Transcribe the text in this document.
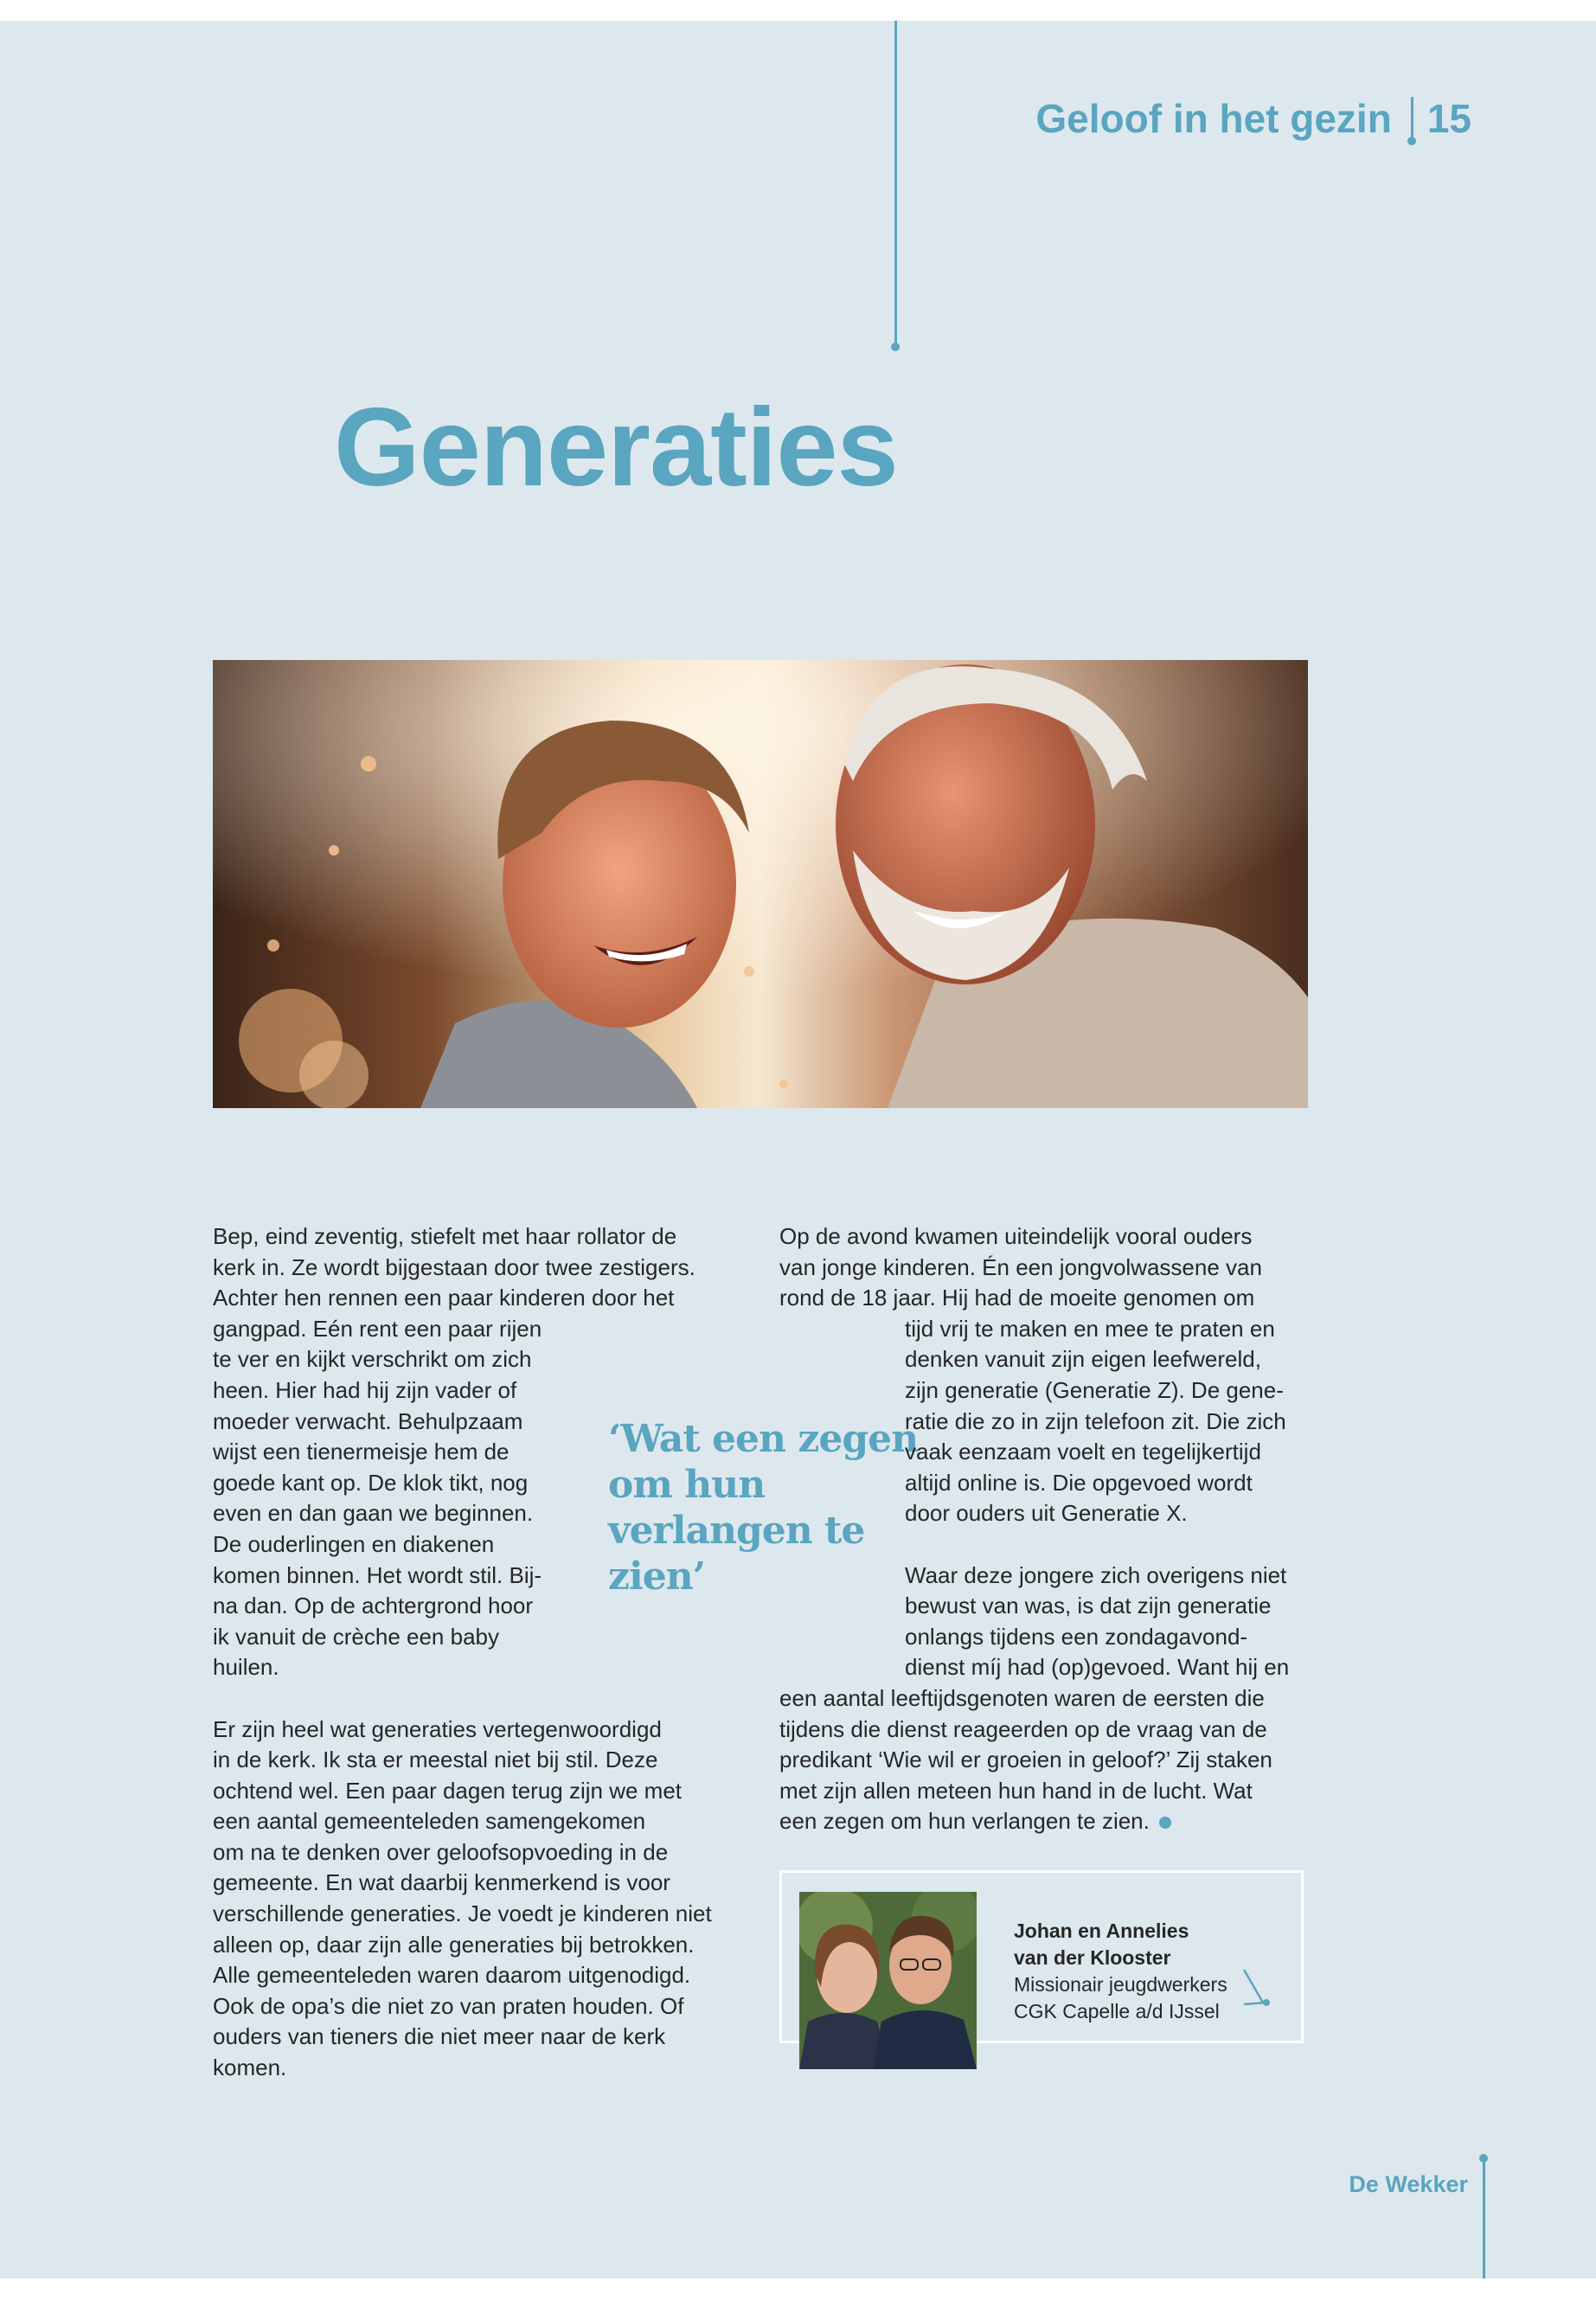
Geloof in het gezin 15
Generaties

Bep, eind zeventig, stiefelt met haar rollator de
kerk in. Ze wordt bijgestaan door twee zestigers.
Achter hen rennen een paar kinderen door het
gangpad. Eén rent een paar rijen
te ver en kijkt verschrikt om zich
heen. Hier had hij zijn vader of
moeder verwacht. Behulpzaam
wijst een tienermeisje hem de
goede kant op. De klok tikt, nog
even en dan gaan we beginnen.
De ouderlingen en diakenen
komen binnen. Het wordt stil. Bij-
na dan. Op de achtergrond hoor
ik vanuit de crèche een baby
huilen.

Er zijn heel wat generaties vertegenwoordigd
in de kerk. Ik sta er meestal niet bij stil. Deze
ochtend wel. Een paar dagen terug zijn we met
een aantal gemeenteleden samengekomen
om na te denken over geloofsopvoeding in de
gemeente. En wat daarbij kenmerkend is voor
verschillende generaties. Je voedt je kinderen niet
alleen op, daar zijn alle generaties bij betrokken.
Alle gemeenteleden waren daarom uitgenodigd.
Ook de opa’s die niet zo van praten houden. Of
ouders van tieners die niet meer naar de kerk
komen.

‘Wat een zegen
om hun
verlangen te
zien’

Op de avond kwamen uiteindelijk vooral ouders
van jonge kinderen. Én een jongvolwassene van
rond de 18 jaar. Hij had de moeite genomen om
tijd vrij te maken en mee te praten en
denken vanuit zijn eigen leefwereld,
zijn generatie (Generatie Z). De gene-
ratie die zo in zijn telefoon zit. Die zich
vaak eenzaam voelt en tegelijkertijd
altijd online is. Die opgevoed wordt
door ouders uit Generatie X.

Waar deze jongere zich overigens niet
bewust van was, is dat zijn generatie
onlangs tijdens een zondagavond-
dienst míj had (op)gevoed. Want hij en
een aantal leeftijdsgenoten waren de eersten die
tijdens die dienst reageerden op de vraag van de
predikant ‘Wie wil er groeien in geloof?’ Zij staken
met zijn allen meteen hun hand in de lucht. Wat
een zegen om hun verlangen te zien.

Johan en Annelies
van der Klooster
Missionair jeugdwerkers
CGK Capelle a/d IJssel
De Wekker
